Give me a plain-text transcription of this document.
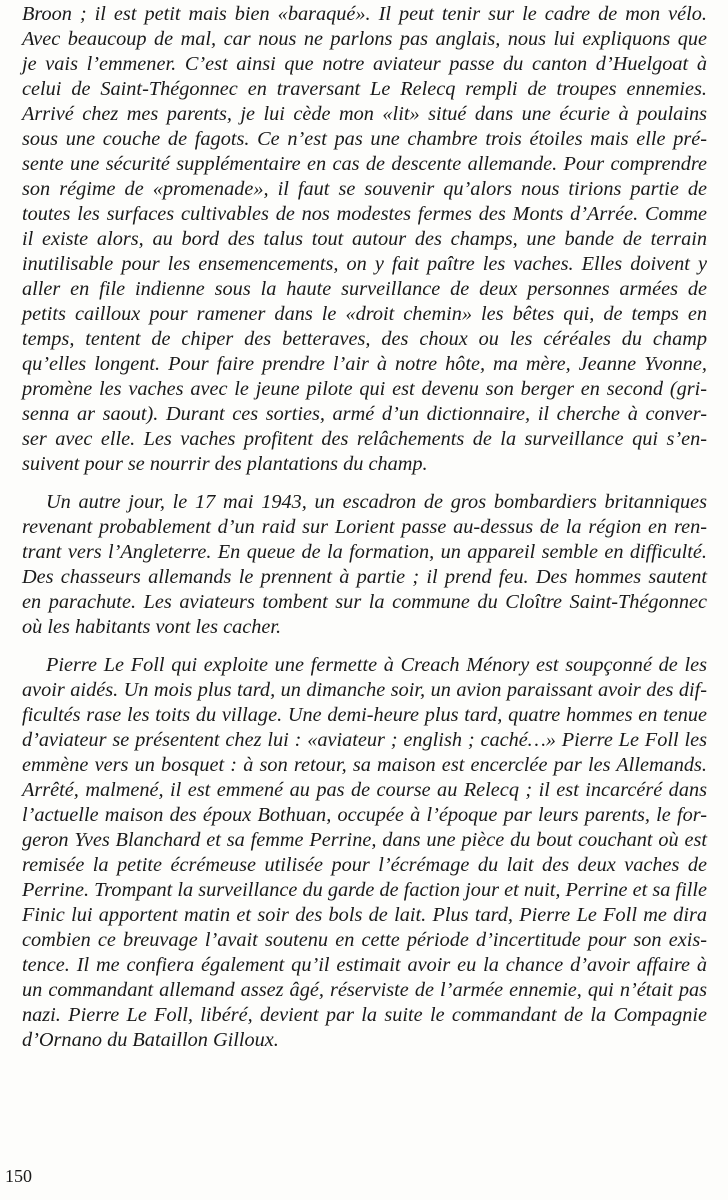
Broon ; il est petit mais bien «baraqué». Il peut tenir sur le cadre de mon vélo.
Avec beaucoup de mal, car nous ne parlons pas anglais, nous lui expliquons que
je vais l’emmener. C’est ainsi que notre aviateur passe du canton d’Huelgoat à
celui de Saint-Thégonnec en traversant Le Relecq rempli de troupes ennemies.
Arrivé chez mes parents, je lui cède mon «lit» situé dans une écurie à poulains
sous une couche de fagots. Ce n’est pas une chambre trois étoiles mais elle pré-
sente une sécurité supplémentaire en cas de descente allemande. Pour comprendre
son régime de «promenade», il faut se souvenir qu’alors nous tirions partie de
toutes les surfaces cultivables de nos modestes fermes des Monts d’Arrée. Comme
il existe alors, au bord des talus tout autour des champs, une bande de terrain
inutilisable pour les ensemencements, on y fait paître les vaches. Elles doivent y
aller en file indienne sous la haute surveillance de deux personnes armées de
petits cailloux pour ramener dans le «droit chemin» les bêtes qui, de temps en
temps, tentent de chiper des betteraves, des choux ou les céréales du champ
qu’elles longent. Pour faire prendre l’air à notre hôte, ma mère, Jeanne Yvonne,
promène les vaches avec le jeune pilote qui est devenu son berger en second (gri-
senna ar saout). Durant ces sorties, armé d’un dictionnaire, il cherche à conver-
ser avec elle. Les vaches profitent des relâchements de la surveillance qui s’en-
suivent pour se nourrir des plantations du champ.

Un autre jour, le 17 mai 1943, un escadron de gros bombardiers britanniques
revenant probablement d’un raid sur Lorient passe au-dessus de la région en ren-
trant vers l’Angleterre. En queue de la formation, un appareil semble en difficulté.
Des chasseurs allemands le prennent à partie ; il prend feu. Des hommes sautent
en parachute. Les aviateurs tombent sur la commune du Cloître Saint-Thégonnec
où les habitants vont les cacher.

Pierre Le Foll qui exploite une fermette à Creach Ménory est soupçonné de les
avoir aidés. Un mois plus tard, un dimanche soir, un avion paraissant avoir des dif-
ficultés rase les toits du village. Une demi-heure plus tard, quatre hommes en tenue
d’aviateur se présentent chez lui : «aviateur ; english ; caché…» Pierre Le Foll les
emmène vers un bosquet : à son retour, sa maison est encerclée par les Allemands.
Arrêté, malmené, il est emmené au pas de course au Relecq ; il est incarcéré dans
l’actuelle maison des époux Bothuan, occupée à l’époque par leurs parents, le for-
geron Yves Blanchard et sa femme Perrine, dans une pièce du bout couchant où est
remisée la petite écrémeuse utilisée pour l’écrémage du lait des deux vaches de
Perrine. Trompant la surveillance du garde de faction jour et nuit, Perrine et sa fille
Finic lui apportent matin et soir des bols de lait. Plus tard, Pierre Le Foll me dira
combien ce breuvage l’avait soutenu en cette période d’incertitude pour son exis-
tence. Il me confiera également qu’il estimait avoir eu la chance d’avoir affaire à
un commandant allemand assez âgé, réserviste de l’armée ennemie, qui n’était pas
nazi. Pierre Le Foll, libéré, devient par la suite le commandant de la Compagnie
d’Ornano du Bataillon Gilloux.

150
